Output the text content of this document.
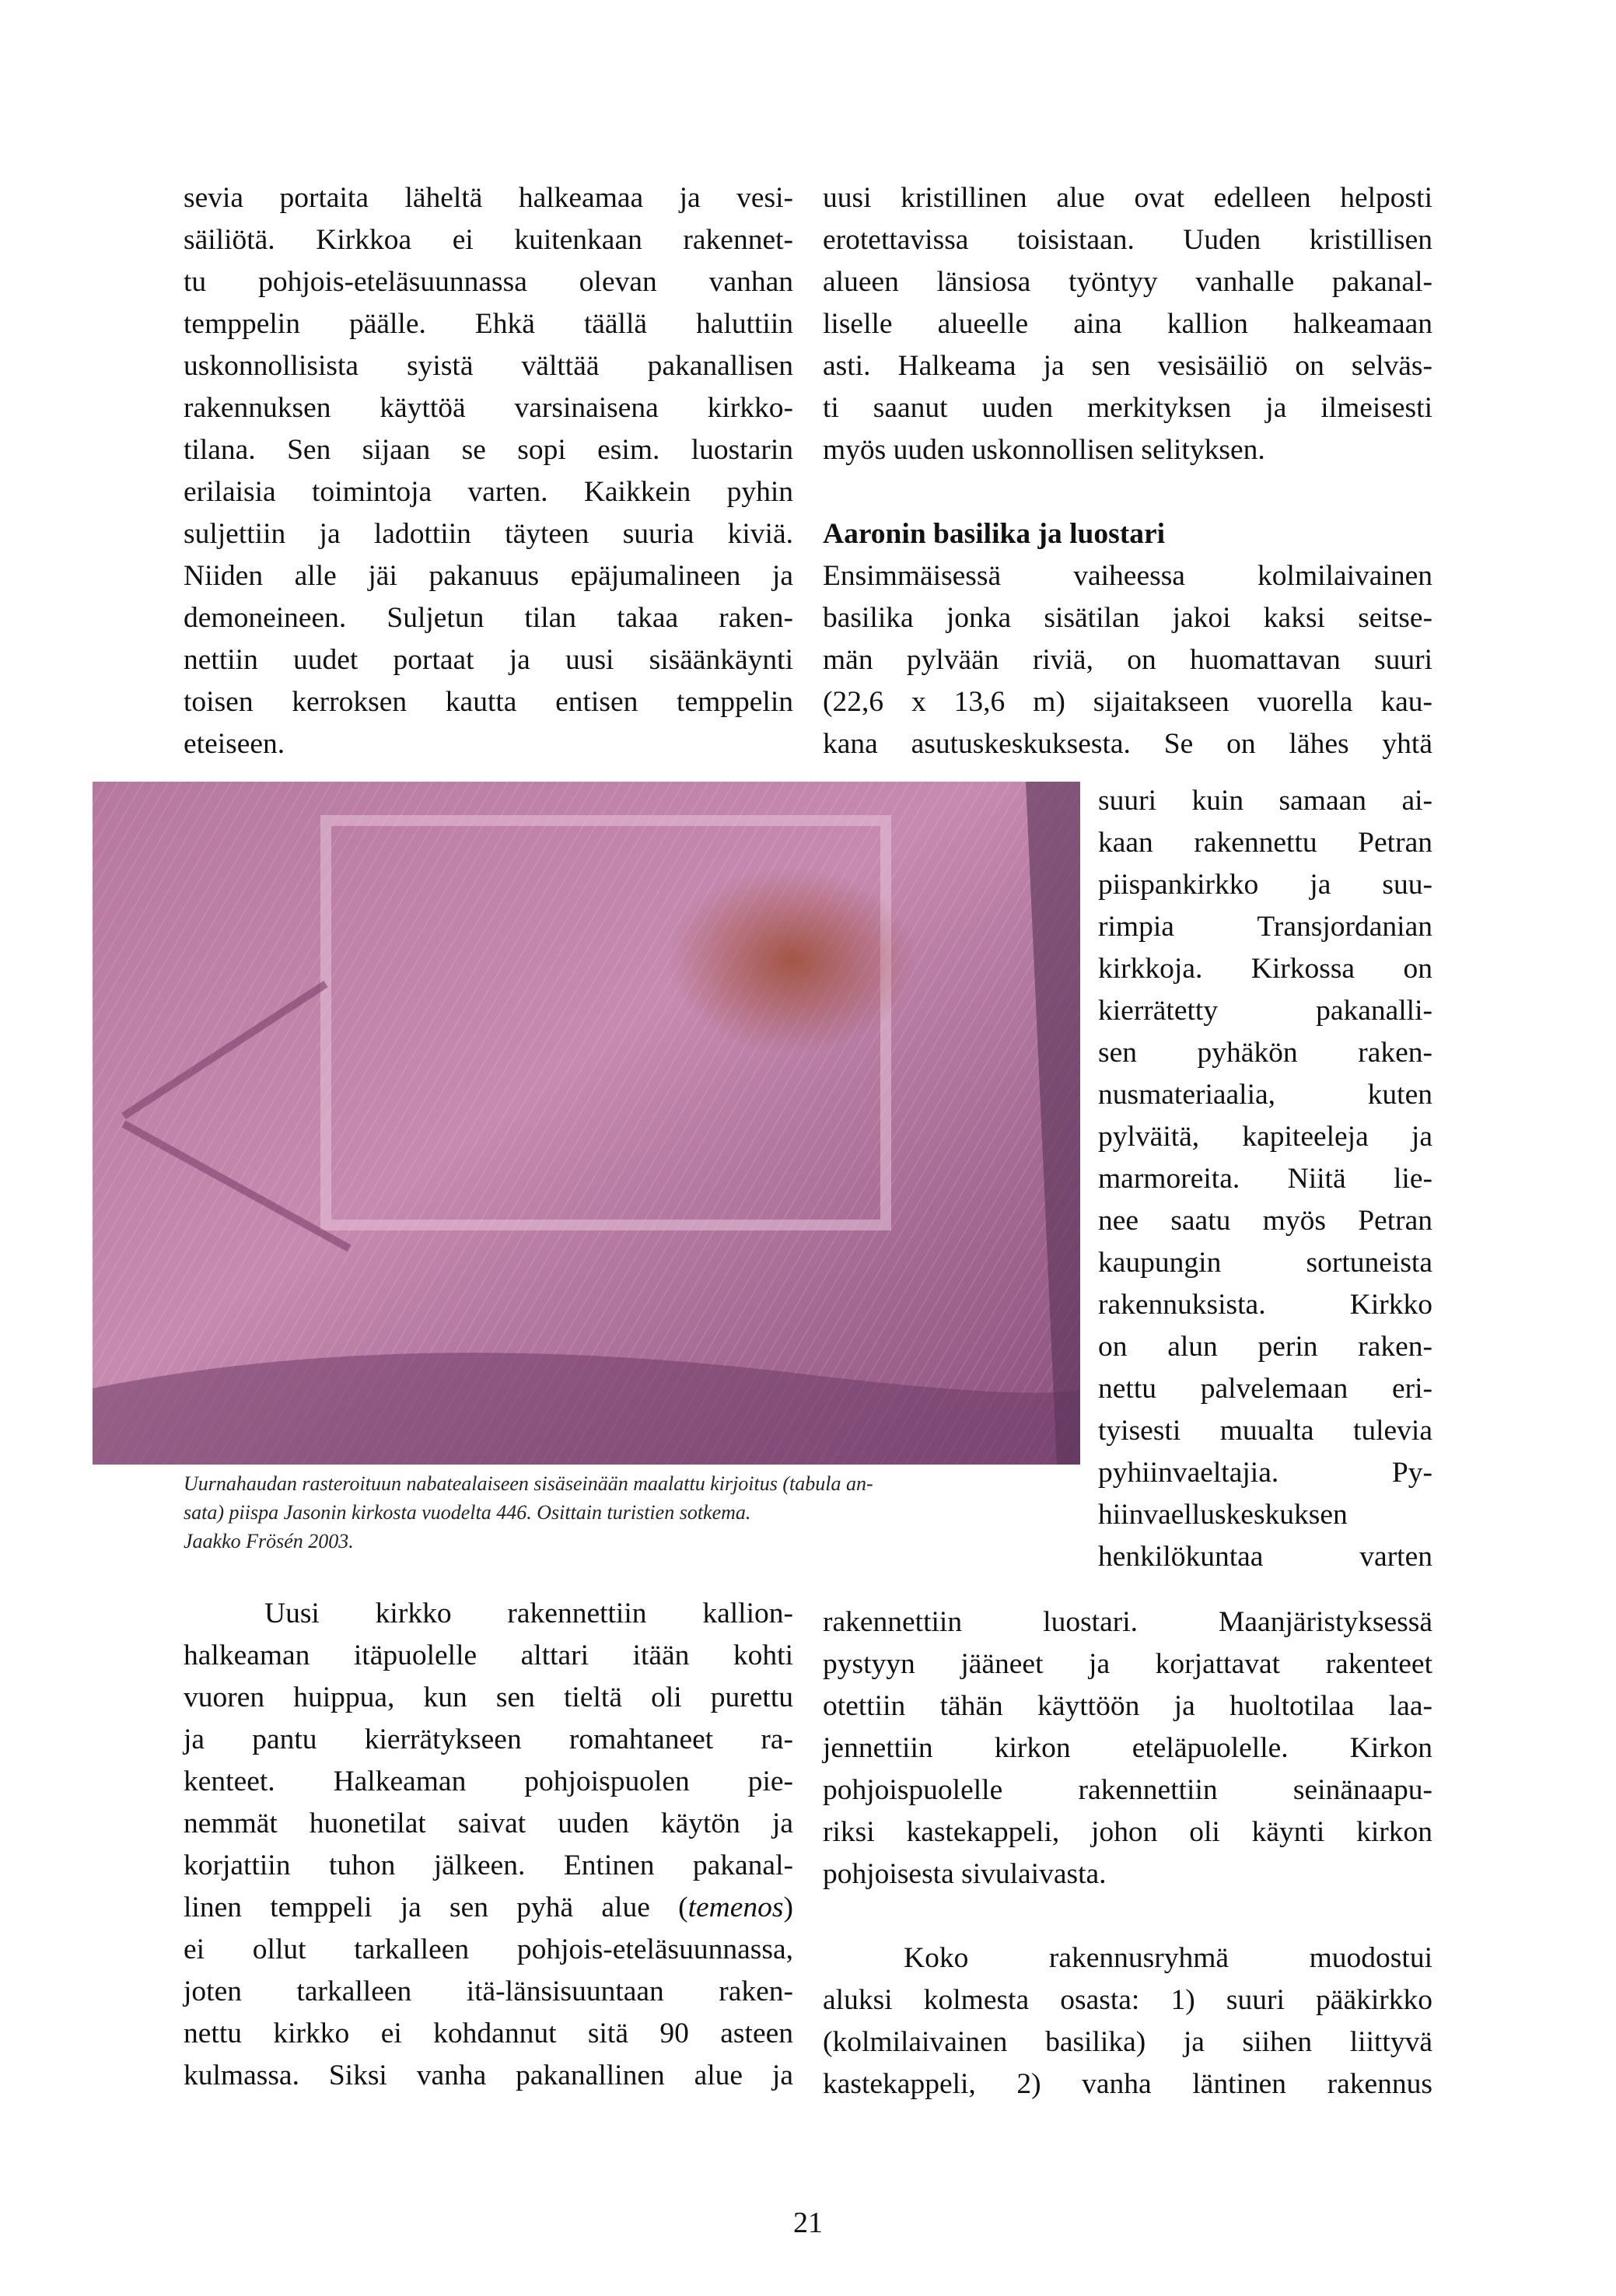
sevia portaita läheltä halkeamaa ja vesi-
säiliötä. Kirkkoa ei kuitenkaan rakennet-
tu pohjois-eteläsuunnassa olevan vanhan
temppelin päälle. Ehkä täällä haluttiin
uskonnollisista syistä välttää pakanallisen
rakennuksen käyttöä varsinaisena kirkko-
tilana. Sen sijaan se sopi esim. luostarin
erilaisia toimintoja varten. Kaikkein pyhin
suljettiin ja ladottiin täyteen suuria kiviä.
Niiden alle jäi pakanuus epäjumalineen ja
demoneineen. Suljetun tilan takaa raken-
nettiin uudet portaat ja uusi sisäänkäynti
toisen kerroksen kautta entisen temppelin
eteiseen.
uusi kristillinen alue ovat edelleen helposti
erotettavissa toisistaan. Uuden kristillisen
alueen länsiosa työntyy vanhalle pakanal-
liselle alueelle aina kallion halkeamaan
asti. Halkeama ja sen vesisäiliö on selväs-
ti saanut uuden merkityksen ja ilmeisesti
myös uuden uskonnollisen selityksen.
Aaronin basilika ja luostari
Ensimmäisessä vaiheessa kolmilaivainen
basilika jonka sisätilan jakoi kaksi seitse-
män pylvään riviä, on huomattavan suuri
(22,6 x 13,6 m) sijaitakseen vuorella kau-
kana asutuskeskuksesta. Se on lähes yhtä
Uurnahaudan rasteroituun nabatealaiseen sisäseinään maalattu kirjoitus (tabula an-
sata) piispa Jasonin kirkosta vuodelta 446. Osittain turistien sotkema.
Jaakko Frösén 2003.
suuri kuin samaan ai-
kaan rakennettu Petran
piispankirkko ja suu-
rimpia Transjordanian
kirkkoja. Kirkossa on
kierrätetty pakanalli-
sen pyhäkön raken-
nusmateriaalia, kuten
pylväitä, kapiteeleja ja
marmoreita. Niitä lie-
nee saatu myös Petran
kaupungin sortuneista
rakennuksista. Kirkko
on alun perin raken-
nettu palvelemaan eri-
tyisesti muualta tulevia
pyhiinvaeltajia. Py-
hiinvaelluskeskuksen
henkilökuntaa varten
Uusi kirkko rakennettiin kallion-
halkeaman itäpuolelle alttari itään kohti
vuoren huippua, kun sen tieltä oli purettu
ja pantu kierrätykseen romahtaneet ra-
kenteet. Halkeaman pohjoispuolen pie-
nemmät huonetilat saivat uuden käytön ja
korjattiin tuhon jälkeen. Entinen pakanal-
linen temppeli ja sen pyhä alue (temenos)
ei ollut tarkalleen pohjois-eteläsuunnassa,
joten tarkalleen itä-länsisuuntaan raken-
nettu kirkko ei kohdannut sitä 90 asteen
kulmassa. Siksi vanha pakanallinen alue ja
rakennettiin luostari. Maanjäristyksessä
pystyyn jääneet ja korjattavat rakenteet
otettiin tähän käyttöön ja huoltotilaa laa-
jennettiin kirkon eteläpuolelle. Kirkon
pohjoispuolelle rakennettiin seinänaapu-
riksi kastekappeli, johon oli käynti kirkon
pohjoisesta sivulaivasta.
Koko rakennusryhmä muodostui
aluksi kolmesta osasta: 1) suuri pääkirkko
(kolmilaivainen basilika) ja siihen liittyvä
kastekappeli, 2) vanha läntinen rakennus
21
